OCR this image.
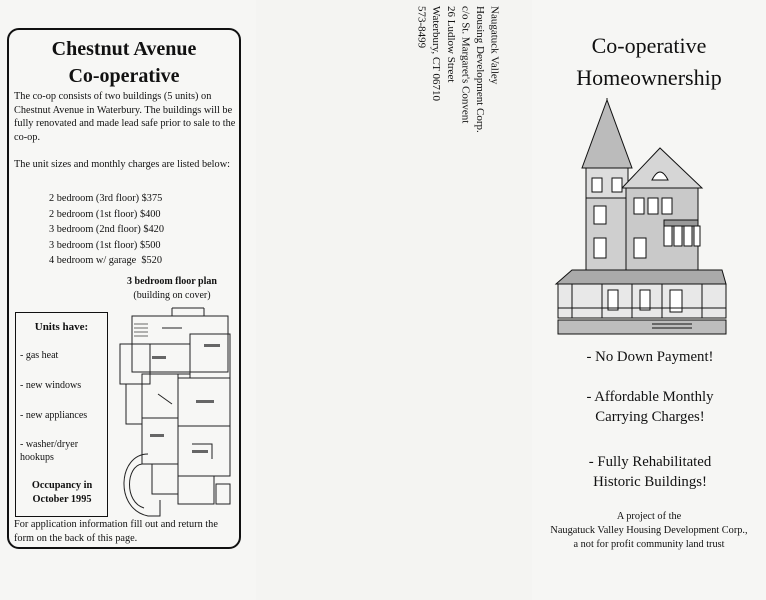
Chestnut Avenue
Co-operative
The co-op consists of two buildings (5 units) on Chestnut Avenue in Waterbury. The buildings will be fully renovated and made lead safe prior to sale to the co-op.
The unit sizes and monthly charges are listed below:
2 bedroom (3rd floor) $375
2 bedroom (1st floor) $400
3 bedroom (2nd floor) $420
3 bedroom (1st floor) $500
4 bedroom w/ garage $520
3 bedroom floor plan
(building on cover)
Units have:
- gas heat
- new windows
- new appliances
- washer/dryer hookups
Occupancy in October 1995
For application information fill out and return the form on the back of this page.
Naugatuck Valley
Housing Development Corp.
c/o St. Margaret's Convent
26 Ludlow Street
Waterbury, CT 06710
573-8499	Co-operative
Homeownership
- No Down Payment!
- Affordable Monthly
Carrying Charges!
- Fully Rehabilitated
Historic Buildings!
A project of the
Naugatuck Valley Housing Development Corp.,
a not for profit community land trust
